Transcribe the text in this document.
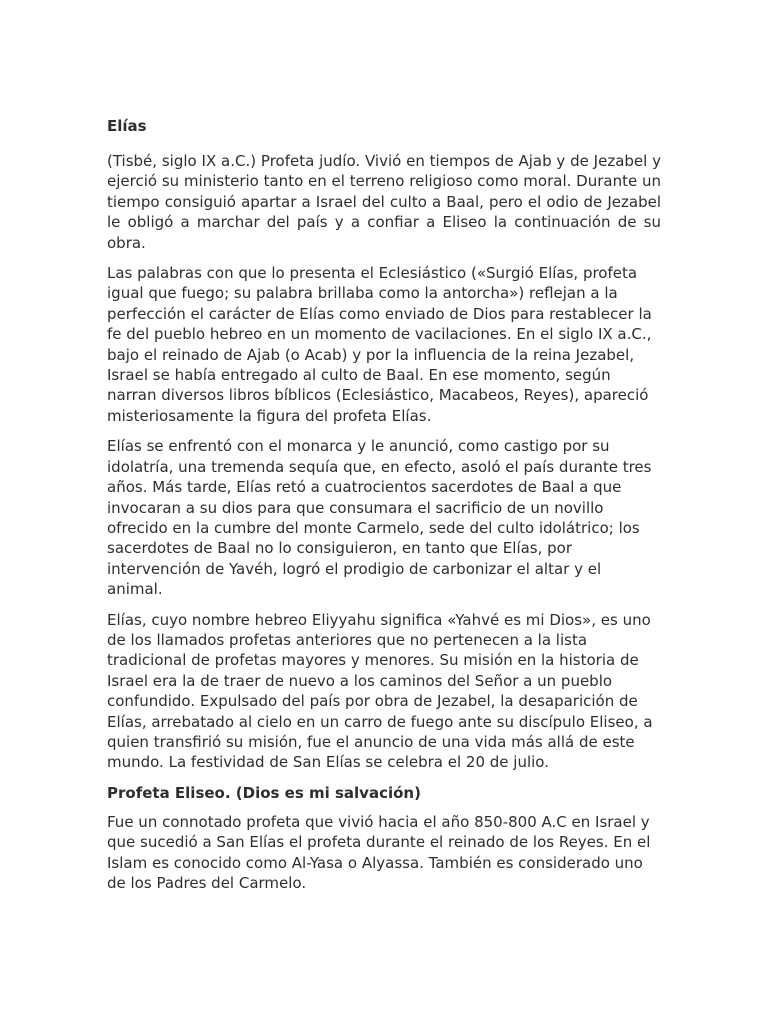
Elías

(Tisbé, siglo IX a.C.) Profeta judío. Vivió en tiempos de Ajab y de Jezabel y ejerció su ministerio tanto en el terreno religioso como moral. Durante un tiempo consiguió apartar a Israel del culto a Baal, pero el odio de Jezabel le obligó a marchar del país y a confiar a Eliseo la continuación de su obra.

Las palabras con que lo presenta el Eclesiástico («Surgió Elías, profeta igual que fuego; su palabra brillaba como la antorcha») reflejan a la perfección el carácter de Elías como enviado de Dios para restablecer la fe del pueblo hebreo en un momento de vacilaciones. En el siglo IX a.C., bajo el reinado de Ajab (o Acab) y por la influencia de la reina Jezabel, Israel se había entregado al culto de Baal. En ese momento, según narran diversos libros bíblicos (Eclesiástico, Macabeos, Reyes), apareció misteriosamente la figura del profeta Elías.

Elías se enfrentó con el monarca y le anunció, como castigo por su idolatría, una tremenda sequía que, en efecto, asoló el país durante tres años. Más tarde, Elías retó a cuatrocientos sacerdotes de Baal a que invocaran a su dios para que consumara el sacrificio de un novillo ofrecido en la cumbre del monte Carmelo, sede del culto idolátrico; los sacerdotes de Baal no lo consiguieron, en tanto que Elías, por intervención de Yavéh, logró el prodigio de carbonizar el altar y el animal.

Elías, cuyo nombre hebreo Eliyyahu significa «Yahvé es mi Dios», es uno de los llamados profetas anteriores que no pertenecen a la lista tradicional de profetas mayores y menores. Su misión en la historia de Israel era la de traer de nuevo a los caminos del Señor a un pueblo confundido. Expulsado del país por obra de Jezabel, la desaparición de Elías, arrebatado al cielo en un carro de fuego ante su discípulo Eliseo, a quien transfirió su misión, fue el anuncio de una vida más allá de este mundo. La festividad de San Elías se celebra el 20 de julio.

Profeta Eliseo. (Dios es mi salvación)

Fue un connotado profeta que vivió hacia el año 850-800 A.C en Israel y que sucedió a San Elías el profeta durante el reinado de los Reyes. En el Islam es conocido como Al-Yasa o Alyassa. También es considerado uno de los Padres del Carmelo.
